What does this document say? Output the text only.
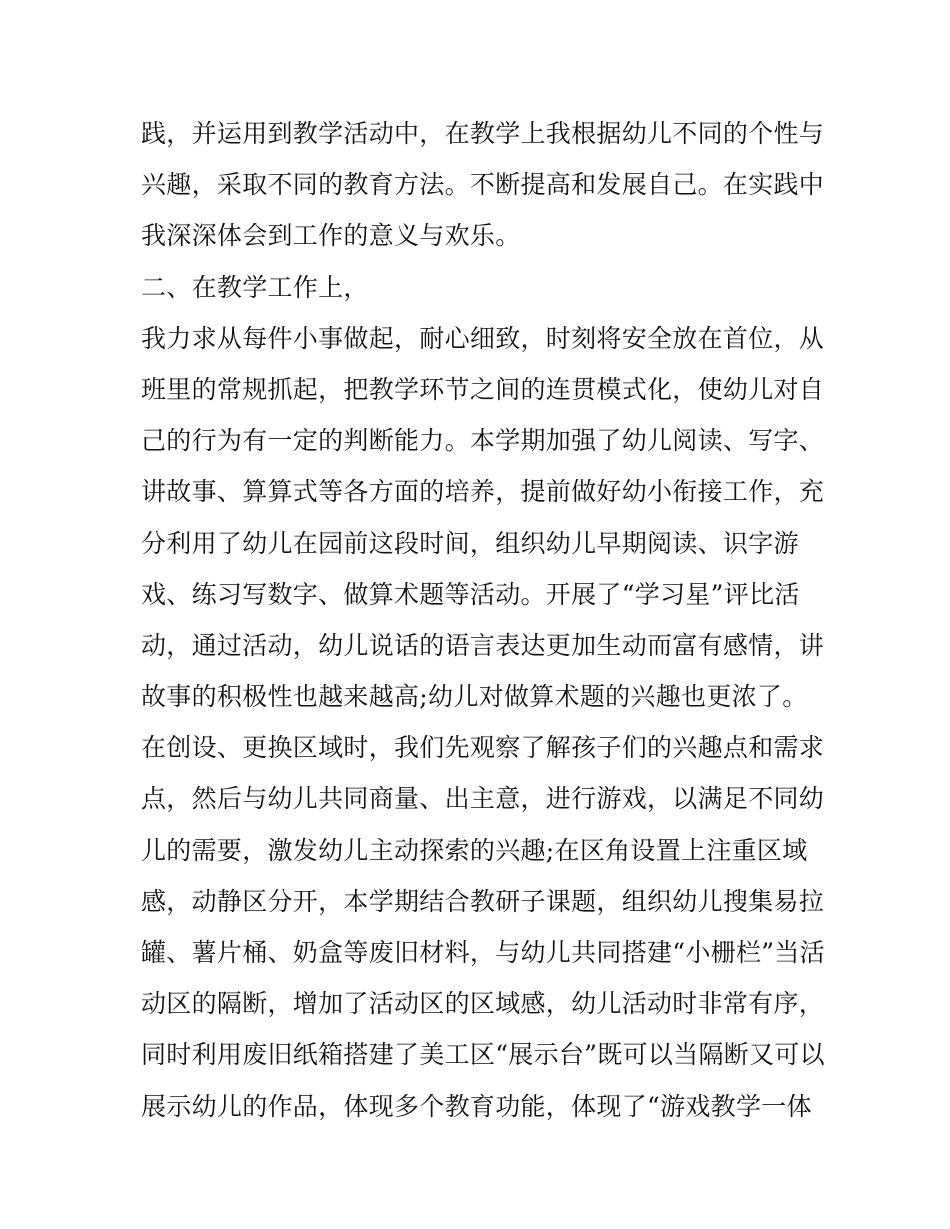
践，并运用到教学活动中，在教学上我根据幼儿不同的个性与
兴趣，采取不同的教育方法。不断提高和发展自己。在实践中
我深深体会到工作的意义与欢乐。
二、在教学工作上，
我力求从每件小事做起，耐心细致，时刻将安全放在首位，从
班里的常规抓起，把教学环节之间的连贯模式化，使幼儿对自
己的行为有一定的判断能力。本学期加强了幼儿阅读、写字、
讲故事、算算式等各方面的培养，提前做好幼小衔接工作，充
分利用了幼儿在园前这段时间，组织幼儿早期阅读、识字游
戏、练习写数字、做算术题等活动。开展了“学习星”评比活
动，通过活动，幼儿说话的语言表达更加生动而富有感情，讲
故事的积极性也越来越高;幼儿对做算术题的兴趣也更浓了。
在创设、更换区域时，我们先观察了解孩子们的兴趣点和需求
点，然后与幼儿共同商量、出主意，进行游戏，以满足不同幼
儿的需要，激发幼儿主动探索的兴趣;在区角设置上注重区域
感，动静区分开，本学期结合教研子课题，组织幼儿搜集易拉
罐、薯片桶、奶盒等废旧材料，与幼儿共同搭建“小栅栏”当活
动区的隔断，增加了活动区的区域感，幼儿活动时非常有序，
同时利用废旧纸箱搭建了美工区“展示台”既可以当隔断又可以
展示幼儿的作品，体现多个教育功能，体现了“游戏教学一体
